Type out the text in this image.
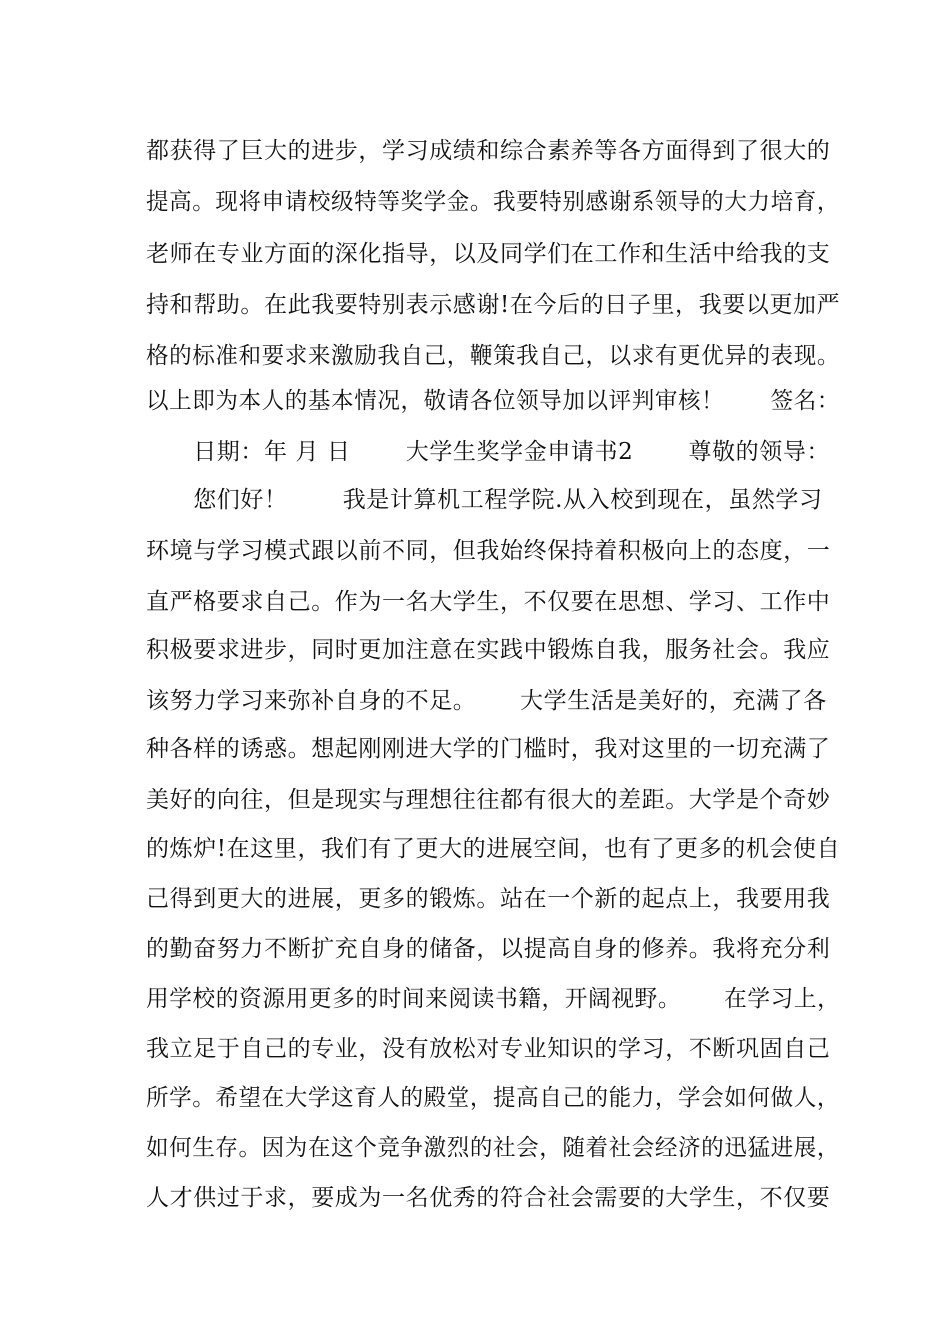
都获得了巨大的进步，学习成绩和综合素养等各方面得到了很大的
提高。现将申请校级特等奖学金。我要特别感谢系领导的大力培育，
老师在专业方面的深化指导，以及同学们在工作和生活中给我的支
持和帮助。在此我要特别表示感谢!在今后的日子里，我要以更加严
格的标准和要求来激励我自己，鞭策我自己，以求有更优异的表现。
以上即为本人的基本情况，敬请各位领导加以评判审核！　　签名：
　　日期：年 月 日　　 大学生奖学金申请书2 　　尊敬的领导：
　　您们好！　　 我是计算机工程学院.从入校到现在，虽然学习
环境与学习模式跟以前不同，但我始终保持着积极向上的态度，一
直严格要求自己。作为一名大学生，不仅要在思想、学习、工作中
积极要求进步，同时更加注意在实践中锻炼自我，服务社会。我应
该努力学习来弥补自身的不足。　　 大学生活是美好的，充满了各
种各样的诱惑。想起刚刚进大学的门槛时，我对这里的一切充满了
美好的向往，但是现实与理想往往都有很大的差距。大学是个奇妙
的炼炉!在这里，我们有了更大的进展空间，也有了更多的机会使自
己得到更大的进展，更多的锻炼。站在一个新的起点上，我要用我
的勤奋努力不断扩充自身的储备，以提高自身的修养。我将充分利
用学校的资源用更多的时间来阅读书籍，开阔视野。　　 在学习上，
我立足于自己的专业，没有放松对专业知识的学习，不断巩固自己
所学。希望在大学这育人的殿堂，提高自己的能力，学会如何做人，
如何生存。因为在这个竞争激烈的社会，随着社会经济的迅猛进展，
人才供过于求，要成为一名优秀的符合社会需要的大学生，不仅要
